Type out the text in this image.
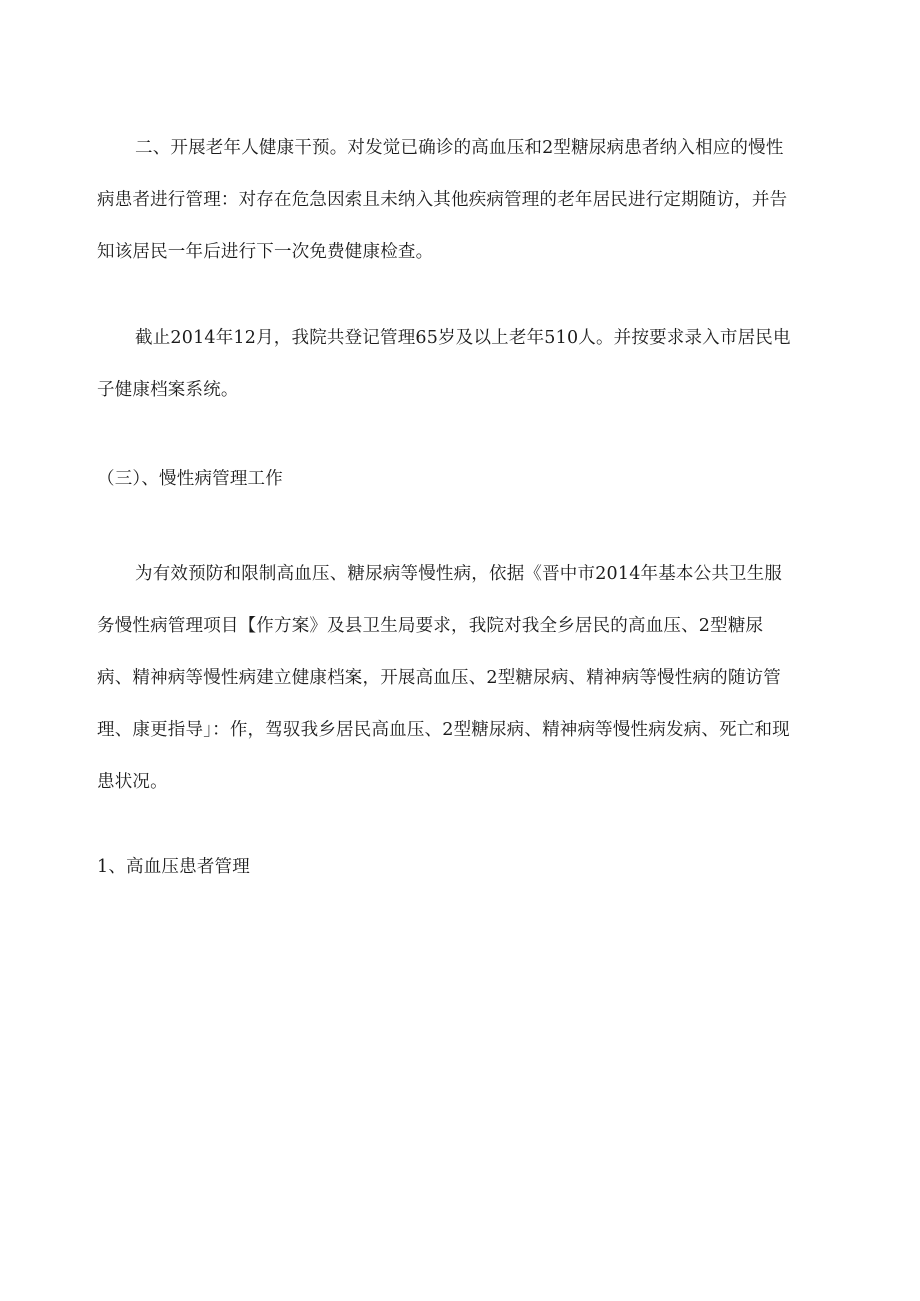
二、开展老年人健康干预。对发觉已确诊的高血压和2型糖尿病患者纳入相应的慢性病患者进行管理：对存在危急因索且未纳入其他疾病管理的老年居民进行定期随访，并告知该居民一年后进行下一次免费健康检查。

截止2014年12月，我院共登记管理65岁及以上老年510人。并按要求录入市居民电子健康档案系统。

（三）、慢性病管理工作

为有效预防和限制高血压、糖尿病等慢性病，依据《晋中市2014年基本公共卫生服务慢性病管理项目【作方案》及县卫生局要求，我院对我全乡居民的高血压、2型糖尿病、精神病等慢性病建立健康档案，开展高血压、2型糖尿病、精神病等慢性病的随访管理、康更指导」：作，驾驭我乡居民高血压、2型糖尿病、精神病等慢性病发病、死亡和现患状况。

1、高血压患者管理
